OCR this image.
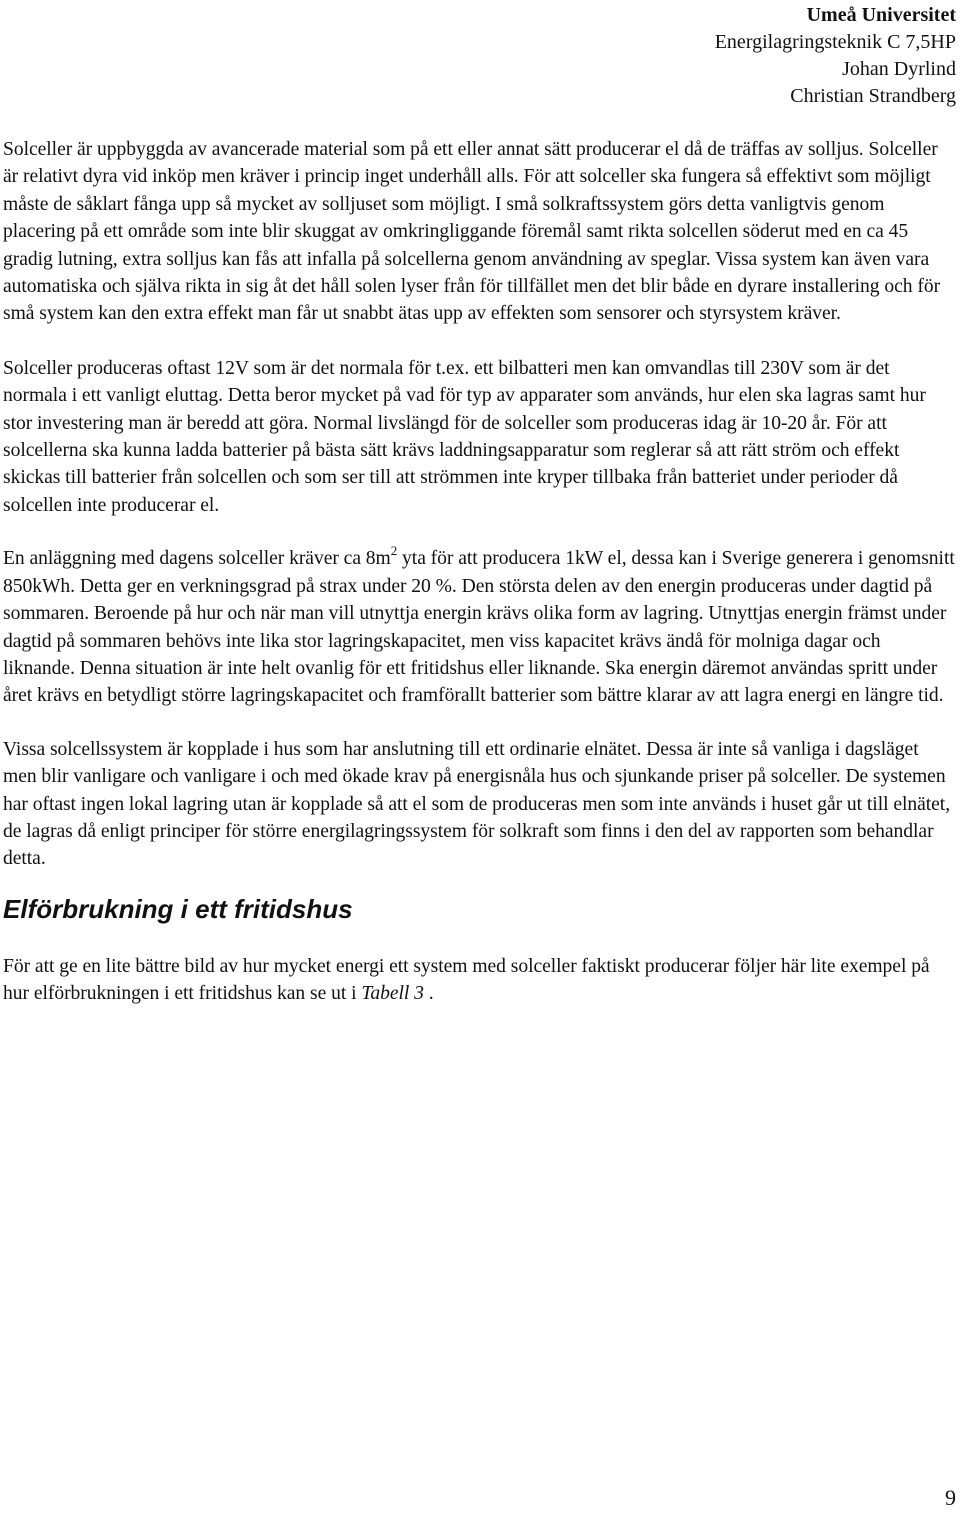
Umeå Universitet
Energilagringsteknik C 7,5HP
Johan Dyrlind
Christian Strandberg

Solceller är uppbyggda av avancerade material som på ett eller annat sätt producerar el då de träffas av solljus. Solceller är relativt dyra vid inköp men kräver i princip inget underhåll alls. För att solceller ska fungera så effektivt som möjligt måste de såklart fånga upp så mycket av solljuset som möjligt. I små solkraftssystem görs detta vanligtvis genom placering på ett område som inte blir skuggat av omkringliggande föremål samt rikta solcellen söderut med en ca 45 gradig lutning, extra solljus kan fås att infalla på solcellerna genom användning av speglar. Vissa system kan även vara automatiska och själva rikta in sig åt det håll solen lyser från för tillfället men det blir både en dyrare installering och för små system kan den extra effekt man får ut snabbt ätas upp av effekten som sensorer och styrsystem kräver.

Solceller produceras oftast 12V som är det normala för t.ex. ett bilbatteri men kan omvandlas till 230V som är det normala i ett vanligt eluttag. Detta beror mycket på vad för typ av apparater som används, hur elen ska lagras samt hur stor investering man är beredd att göra. Normal livslängd för de solceller som produceras idag är 10-20 år. För att solcellerna ska kunna ladda batterier på bästa sätt krävs laddningsapparatur som reglerar så att rätt ström och effekt skickas till batterier från solcellen och som ser till att strömmen inte kryper tillbaka från batteriet under perioder då solcellen inte producerar el.

En anläggning med dagens solceller kräver ca $8m^2$ yta för att producera 1kW el, dessa kan i Sverige generera i genomsnitt 850kWh. Detta ger en verkningsgrad på strax under 20 %. Den största delen av den energin produceras under dagtid på sommaren. Beroende på hur och när man vill utnyttja energin krävs olika form av lagring. Utnyttjas energin främst under dagtid på sommaren behövs inte lika stor lagringskapacitet, men viss kapacitet krävs ändå för molniga dagar och liknande. Denna situation är inte helt ovanlig för ett fritidshus eller liknande. Ska energin däremot användas spritt under året krävs en betydligt större lagringskapacitet och framförallt batterier som bättre klarar av att lagra energi en längre tid.

Vissa solcellssystem är kopplade i hus som har anslutning till ett ordinarie elnätet. Dessa är inte så vanliga i dagsläget men blir vanligare och vanligare i och med ökade krav på energisnåla hus och sjunkande priser på solceller. De systemen har oftast ingen lokal lagring utan är kopplade så att el som de produceras men som inte används i huset går ut till elnätet, de lagras då enligt principer för större energilagringssystem för solkraft som finns i den del av rapporten som behandlar detta.

Elförbrukning i ett fritidshus

För att ge en lite bättre bild av hur mycket energi ett system med solceller faktiskt producerar följer här lite exempel på hur elförbrukningen i ett fritidshus kan se ut i Tabell 3 .

9
